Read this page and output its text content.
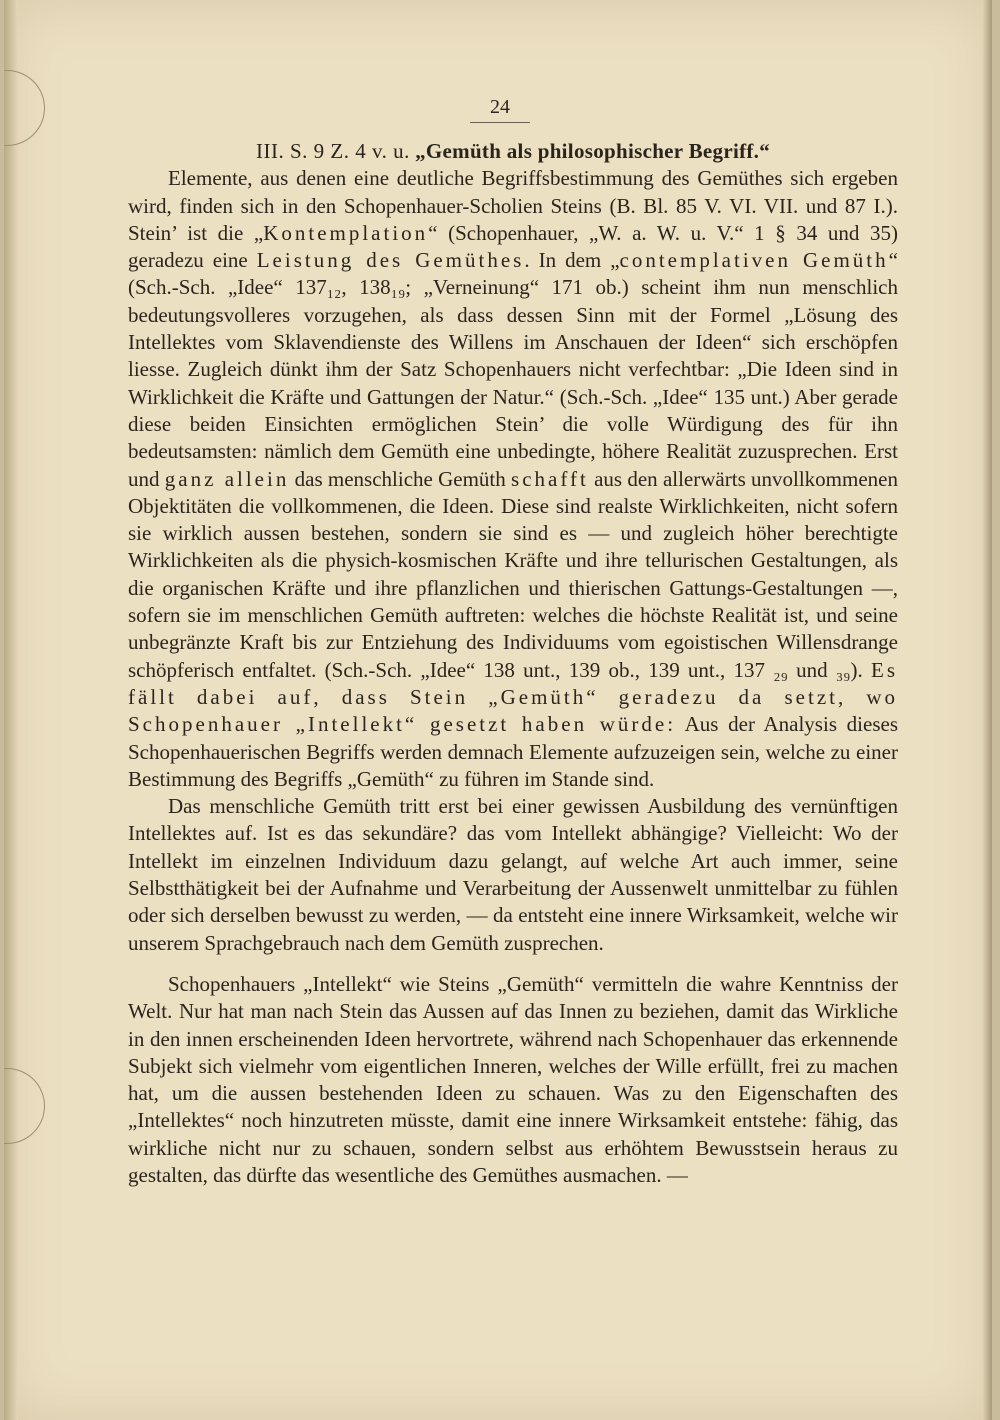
24

III. S. 9 Z. 4 v. u. „Gemüth als philosophischer Begriff.“

Elemente, aus denen eine deutliche Begriffsbestimmung des Gemüthes sich ergeben wird, finden sich in den Schopenhauer-Scholien Steins (B. Bl. 85 V. VI. VII. und 87 I.). Stein’ ist die „Kontemplation“ (Schopenhauer, „W. a. W. u. V.“ 1 § 34 und 35) geradezu eine Leistung des Gemüthes. In dem „contemplativen Gemüth“ (Sch.-Sch. „Idee“ 137₁₂, 138₁₉; „Verneinung“ 171 ob.) scheint ihm nun menschlich bedeutungsvolleres vorzugehen, als dass dessen Sinn mit der Formel „Lösung des Intellektes vom Sklavendienste des Willens im Anschauen der Ideen“ sich erschöpfen liesse. Zugleich dünkt ihm der Satz Schopenhauers nicht verfechtbar: „Die Ideen sind in Wirklichkeit die Kräfte und Gattungen der Natur.“ (Sch.-Sch. „Idee“ 135 unt.) Aber gerade diese beiden Einsichten ermöglichen Stein’ die volle Würdigung des für ihn bedeutsamsten: nämlich dem Gemüth eine unbedingte, höhere Realität zuzusprechen. Erst und ganz allein das menschliche Gemüth schafft aus den allerwärts unvollkommenen Objektitäten die vollkommenen, die Ideen. Diese sind realste Wirklichkeiten, nicht sofern sie wirklich aussen bestehen, sondern sie sind es — und zugleich höher berechtigte Wirklichkeiten als die physich-kosmischen Kräfte und ihre tellurischen Gestaltungen, als die organischen Kräfte und ihre pflanzlichen und thierischen Gattungs-Gestaltungen —, sofern sie im menschlichen Gemüth auftreten: welches die höchste Realität ist, und seine unbegränzte Kraft bis zur Entziehung des Individuums vom egoistischen Willensdrange schöpferisch entfaltet. (Sch.-Sch. „Idee“ 138 unt., 139 ob., 139 unt., 137 ₂₉ und ₃₉). Es fällt dabei auf, dass Stein „Gemüth“ geradezu da setzt, wo Schopenhauer „Intellekt“ gesetzt haben würde: Aus der Analysis dieses Schopenhauerischen Begriffs werden demnach Elemente aufzuzeigen sein, welche zu einer Bestimmung des Begriffs „Gemüth“ zu führen im Stande sind.

Das menschliche Gemüth tritt erst bei einer gewissen Ausbildung des vernünftigen Intellektes auf. Ist es das sekundäre? das vom Intellekt abhängige? Vielleicht: Wo der Intellekt im einzelnen Individuum dazu gelangt, auf welche Art auch immer, seine Selbstthätigkeit bei der Aufnahme und Verarbeitung der Aussenwelt unmittelbar zu fühlen oder sich derselben bewusst zu werden, — da entsteht eine innere Wirksamkeit, welche wir unserem Sprachgebrauch nach dem Gemüth zusprechen.

Schopenhauers „Intellekt“ wie Steins „Gemüth“ vermitteln die wahre Kenntniss der Welt. Nur hat man nach Stein das Aussen auf das Innen zu beziehen, damit das Wirkliche in den innen erscheinenden Ideen hervortrete, während nach Schopenhauer das erkennende Subjekt sich vielmehr vom eigentlichen Inneren, welches der Wille erfüllt, frei zu machen hat, um die aussen bestehenden Ideen zu schauen. Was zu den Eigenschaften des „Intellektes“ noch hinzutreten müsste, damit eine innere Wirksamkeit entstehe: fähig, das wirkliche nicht nur zu schauen, sondern selbst aus erhöhtem Bewusstsein heraus zu gestalten, das dürfte das wesentliche des Gemüthes ausmachen. —
